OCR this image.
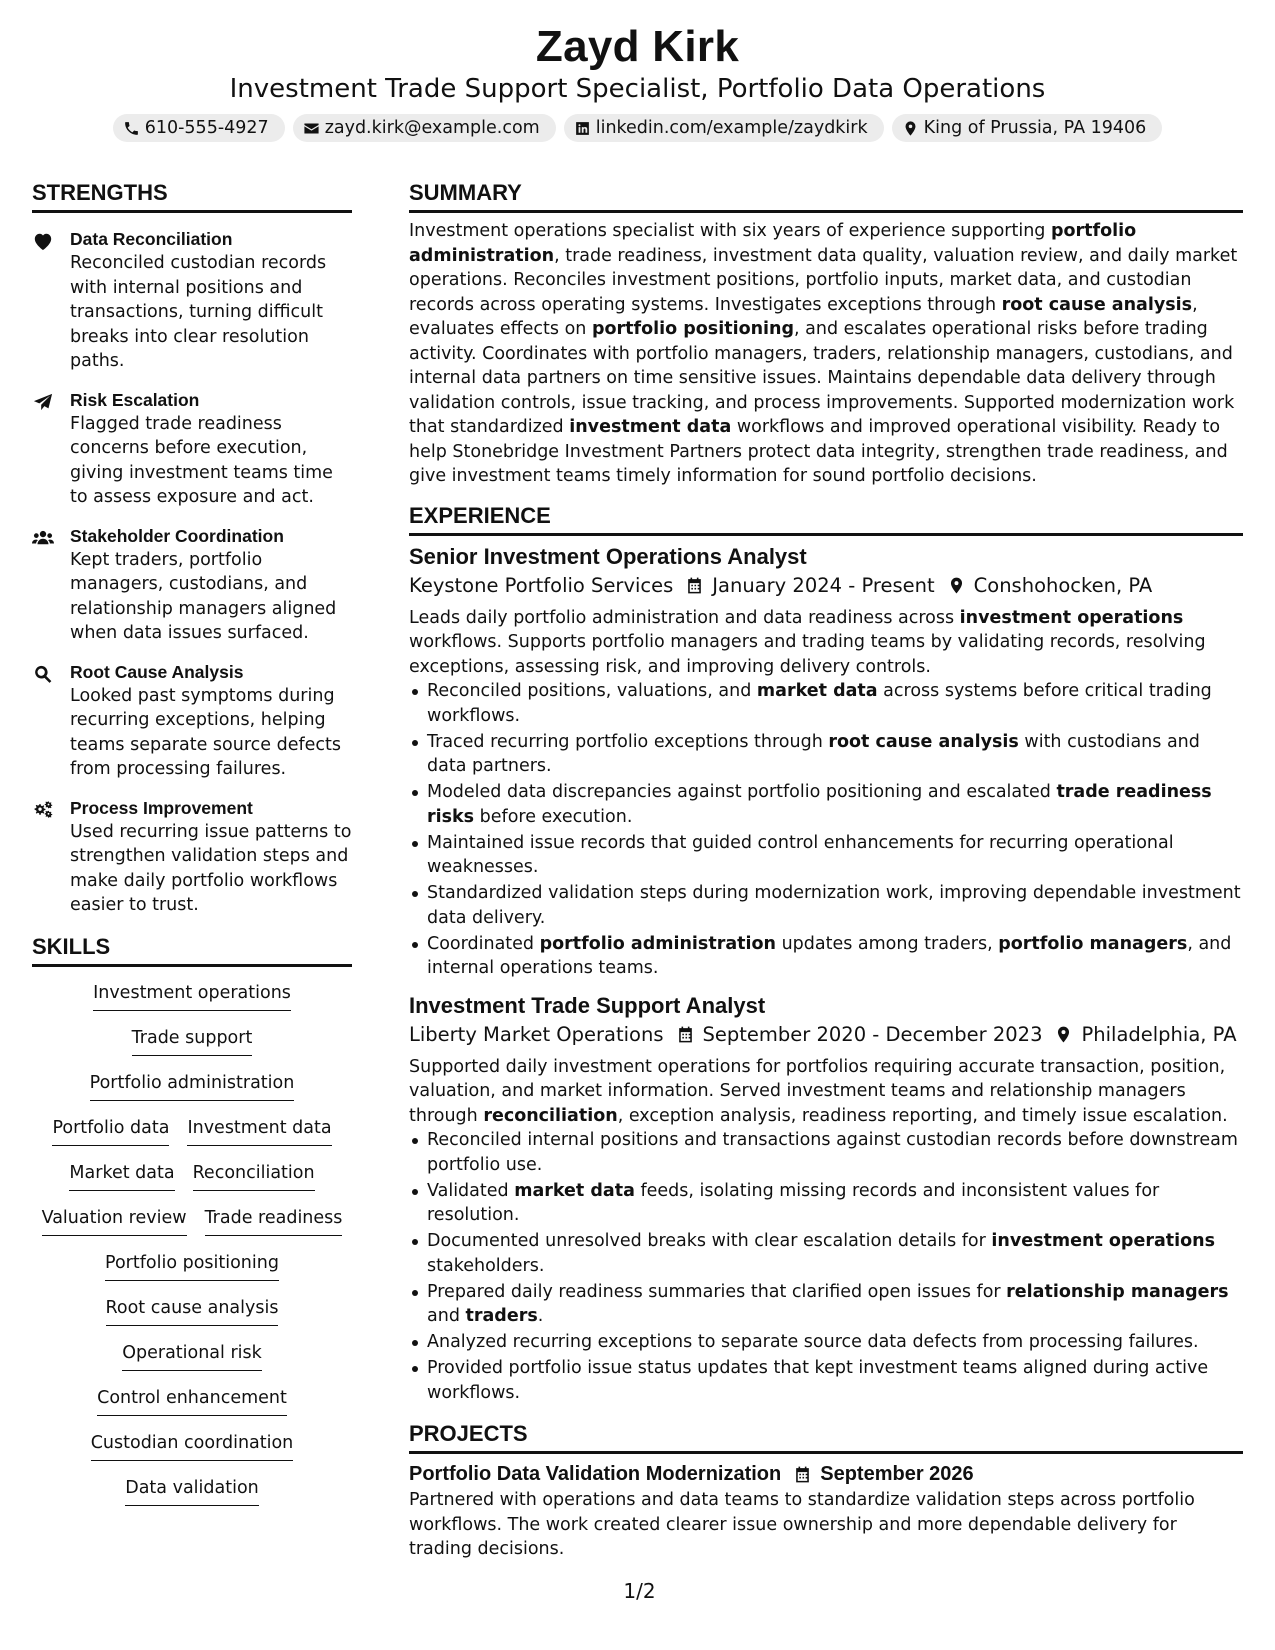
Zayd Kirk
Investment Trade Support Specialist, Portfolio Data Operations
610-555-4927	zayd.kirk@example.com	linkedin.com/example/zaydkirk	King of Prussia, PA 19406
STRENGTHS
Data Reconciliation
Reconciled custodian records with internal positions and transactions, turning difficult breaks into clear resolution paths.
Risk Escalation
Flagged trade readiness concerns before execution, giving investment teams time to assess exposure and act.
Stakeholder Coordination
Kept traders, portfolio managers, custodians, and relationship managers aligned when data issues surfaced.
Root Cause Analysis
Looked past symptoms during recurring exceptions, helping teams separate source defects from processing failures.
Process Improvement
Used recurring issue patterns to strengthen validation steps and make daily portfolio workflows easier to trust.
SKILLS
Investment operations
Trade support
Portfolio administration
Portfolio data Investment data
Market data Reconciliation
Valuation review Trade readiness
Portfolio positioning
Root cause analysis
Operational risk
Control enhancement
Custodian coordination
Data validation
SUMMARY
Investment operations specialist with six years of experience supporting portfolio administration, trade readiness, investment data quality, valuation review, and daily market operations. Reconciles investment positions, portfolio inputs, market data, and custodian records across operating systems. Investigates exceptions through root cause analysis, evaluates effects on portfolio positioning, and escalates operational risks before trading activity. Coordinates with portfolio managers, traders, relationship managers, custodians, and internal data partners on time sensitive issues. Maintains dependable data delivery through validation controls, issue tracking, and process improvements. Supported modernization work that standardized investment data workflows and improved operational visibility. Ready to help Stonebridge Investment Partners protect data integrity, strengthen trade readiness, and give investment teams timely information for sound portfolio decisions.
EXPERIENCE
Senior Investment Operations Analyst
Keystone Portfolio Services January 2024 - Present Conshohocken, PA
Leads daily portfolio administration and data readiness across investment operations workflows. Supports portfolio managers and trading teams by validating records, resolving exceptions, assessing risk, and improving delivery controls.
Reconciled positions, valuations, and market data across systems before critical trading workflows.
Traced recurring portfolio exceptions through root cause analysis with custodians and data partners.
Modeled data discrepancies against portfolio positioning and escalated trade readiness risks before execution.
Maintained issue records that guided control enhancements for recurring operational weaknesses.
Standardized validation steps during modernization work, improving dependable investment data delivery.
Coordinated portfolio administration updates among traders, portfolio managers, and internal operations teams.
Investment Trade Support Analyst
Liberty Market Operations September 2020 - December 2023 Philadelphia, PA
Supported daily investment operations for portfolios requiring accurate transaction, position, valuation, and market information. Served investment teams and relationship managers through reconciliation, exception analysis, readiness reporting, and timely issue escalation.
Reconciled internal positions and transactions against custodian records before downstream portfolio use.
Validated market data feeds, isolating missing records and inconsistent values for resolution.
Documented unresolved breaks with clear escalation details for investment operations stakeholders.
Prepared daily readiness summaries that clarified open issues for relationship managers and traders.
Analyzed recurring exceptions to separate source data defects from processing failures.
Provided portfolio issue status updates that kept investment teams aligned during active workflows.
PROJECTS
Portfolio Data Validation Modernization September 2026
Partnered with operations and data teams to standardize validation steps across portfolio workflows. The work created clearer issue ownership and more dependable delivery for trading decisions.
1/2
